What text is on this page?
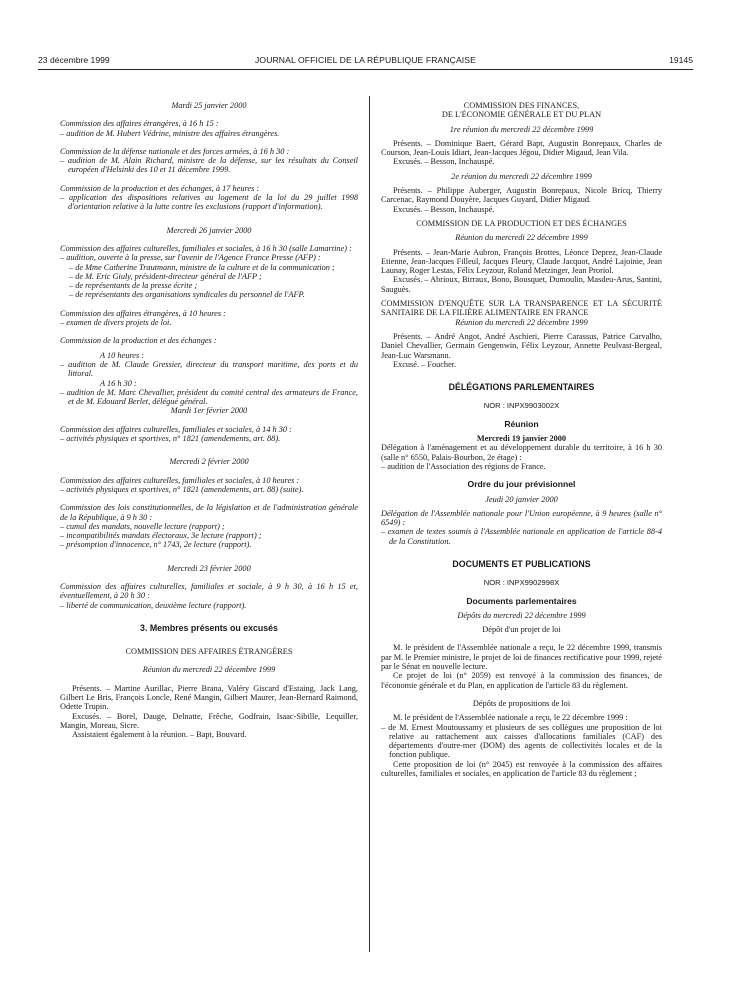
23 décembre 1999	JOURNAL OFFICIEL DE LA RÉPUBLIQUE FRANÇAISE	19145
Mardi 25 janvier 2000
Commission des affaires étrangères, à 16 h 15 :
– audition de M. Hubert Védrine, ministre des affaires étrangères.
Commission de la défense nationale et des forces armées, à 16 h 30 :
– audition de M. Alain Richard, ministre de la défense, sur les résultats du Conseil européen d'Helsinki des 10 et 11 décembre 1999.
Commission de la production et des échanges, à 17 heures :
– application des dispositions relatives au logement de la loi du 29 juillet 1998 d'orientation relative à la lutte contre les exclusions (rapport d'information).
Mercredi 26 janvier 2000
Commission des affaires culturelles, familiales et sociales, à 16 h 30 (salle Lamartine) :
– audition, ouverte à la presse, sur l'avenir de l'Agence France Presse (AFP) :
– de Mme Catherine Trautmann, ministre de la culture et de la communication ;
– de M. Eric Giuly, président-directeur général de l'AFP ;
– de représentants de la presse écrite ;
– de représentants des organisations syndicales du personnel de l'AFP.
Commission des affaires étrangères, à 10 heures :
– examen de divers projets de loi.
Commission de la production et des échanges :
A 10 heures :
– audition de M. Claude Gressier, directeur du transport maritime, des ports et du littoral.
A 16 h 30 :
– audition de M. Marc Chevallier, président du comité central des armateurs de France, et de M. Edouard Berlet, délégué général.
Mardi 1er février 2000
Commission des affaires culturelles, familiales et sociales, à 14 h 30 :
– activités physiques et sportives, n° 1821 (amendements, art. 88).
Mercredi 2 février 2000
Commission des affaires culturelles, familiales et sociales, à 10 heures :
– activités physiques et sportives, n° 1821 (amendements, art. 88) (suite).
Commission des lois constitutionnelles, de la législation et de l'administration générale de la République, à 9 h 30 :
– cumul des mandats, nouvelle lecture (rapport) ;
– incompatibilités mandats électoraux, 3e lecture (rapport) ;
– présomption d'innocence, n° 1743, 2e lecture (rapport).
Mercredi 23 février 2000
Commission des affaires culturelles, familiales et sociale, à 9 h 30, à 16 h 15 et, éventuellement, à 20 h 30 :
– liberté de communication, deuxième lecture (rapport).
3. Membres présents ou excusés
COMMISSION DES AFFAIRES ÉTRANGÈRES
Réunion du mercredi 22 décembre 1999
Présents. – Martine Aurillac, Pierre Brana, Valéry Giscard d'Estaing, Jack Lang, Gilbert Le Bris, François Loncle, René Mangin, Gilbert Maurer, Jean-Bernard Raimond, Odette Trupin.
Excusés. – Borel, Dauge, Delnatte, Frêche, Godfrain, Isaac-Sibille, Lequiller, Mangin, Moreau, Sicre.
Assistaient également à la réunion. – Bapt, Bouvard.
COMMISSION DES FINANCES,
DE L'ÉCONOMIE GÉNÉRALE ET DU PLAN
1re réunion du mercredi 22 décembre 1999
Présents. – Dominique Baert, Gérard Bapt, Augustin Bonrepaux, Charles de Courson, Jean-Louis Idiart, Jean-Jacques Jégou, Didier Migaud, Jean Vila.
Excusés. – Besson, Inchauspé.
2e réunion du mercredi 22 décembre 1999
Présents. – Philippe Auberger, Augustin Bonrepaux, Nicole Bricq, Thierry Carcenac, Raymond Douyère, Jacques Guyard, Didier Migaud.
Excusés. – Besson, Inchauspé.
COMMISSION DE LA PRODUCTION ET DES ÉCHANGES
Réunion du mercredi 22 décembre 1999
Présents. – Jean-Marie Aubron, François Brottes, Léonce Deprez, Jean-Claude Etienne, Jean-Jacques Filleul, Jacques Fleury, Claude Jacquot, André Lajoinie, Jean Launay, Roger Lestas, Félix Leyzour, Roland Metzinger, Jean Proriol.
Excusés. – Abrioux, Birraux, Bono, Bousquet, Dumoulin, Masdeu-Arus, Santini, Sauguès.
COMMISSION D'ENQUÊTE SUR LA TRANSPARENCE ET LA SÉCURITÉ SANITAIRE DE LA FILIÈRE ALIMENTAIRE EN FRANCE
Réunion du mercredi 22 décembre 1999
Présents. – André Angot, André Aschieri, Pierre Carassus, Patrice Carvalho, Daniel Chevallier, Germain Gengenwin, Félix Leyzour, Annette Peulvast-Bergeal, Jean-Luc Warsmann.
Excusé. – Foucher.
DÉLÉGATIONS PARLEMENTAIRES
NOR : INPX9903002X
Réunion
Mercredi 19 janvier 2000
Délégation à l'aménagement et au développement durable du territoire, à 16 h 30 (salle n° 6550, Palais-Bourbon, 2e étage) :
– audition de l'Association des régions de France.
Ordre du jour prévisionnel
Jeudi 20 janvier 2000
Délégation de l'Assemblée nationale pour l'Union européenne, à 9 heures (salle n° 6549) :
– examen de textes soumis à l'Assemblée nationale en application de l'article 88-4 de la Constitution.
DOCUMENTS ET PUBLICATIONS
NOR : INPX9902998X
Documents parlementaires
Dépôts du mercredi 22 décembre 1999
Dépôt d'un projet de loi
M. le président de l'Assemblée nationale a reçu, le 22 décembre 1999, transmis par M. le Premier ministre, le projet de loi de finances rectificative pour 1999, rejeté par le Sénat en nouvelle lecture.
Ce projet de loi (n° 2059) est renvoyé à la commission des finances, de l'économie générale et du Plan, en application de l'article 83 du règlement.
Dépôts de propositions de loi
M. le président de l'Assemblée nationale a reçu, le 22 décembre 1999 :
– de M. Ernest Moutoussamy et plusieurs de ses collègues une proposition de loi relative au rattachement aux caisses d'allocations familiales (CAF) des départements d'outre-mer (DOM) des agents de collectivités locales et de la fonction publique.
Cette proposition de loi (n° 2045) est renvoyée à la commission des affaires culturelles, familiales et sociales, en application de l'article 83 du règlement ;
